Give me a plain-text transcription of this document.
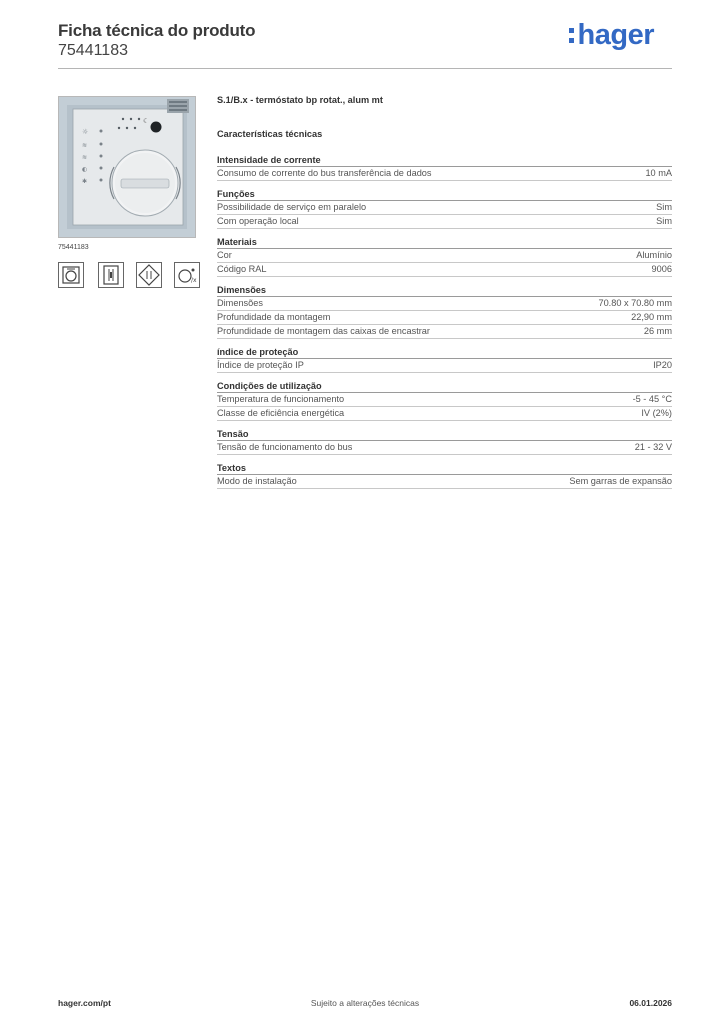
Ficha técnica do produto
75441183	hager
☼
≋
≋
◐
✱
☾
75441183
/x
S.1/B.x - termóstato bp rotat., alum mt
Características técnicas
Intensidade de corrente
Consumo de corrente do bus transferência de dados	10 mA
Funções
Possibilidade de serviço em paralelo	Sim
Com operação local	Sim
Materiais
Cor	Alumínio
Código RAL	9006
Dimensões
Dimensões	70.80 x 70.80 mm
Profundidade da montagem	22,90 mm
Profundidade de montagem das caixas de encastrar	26 mm
índice de proteção
Índice de proteção IP	IP20
Condições de utilização
Temperatura de funcionamento	-5 - 45 °C
Classe de eficiência energética	IV (2%)
Tensão
Tensão de funcionamento do bus	21 - 32 V
Textos
Modo de instalação	Sem garras de expansão
hager.com/pt	Sujeito a alterações técnicas	06.01.2026
